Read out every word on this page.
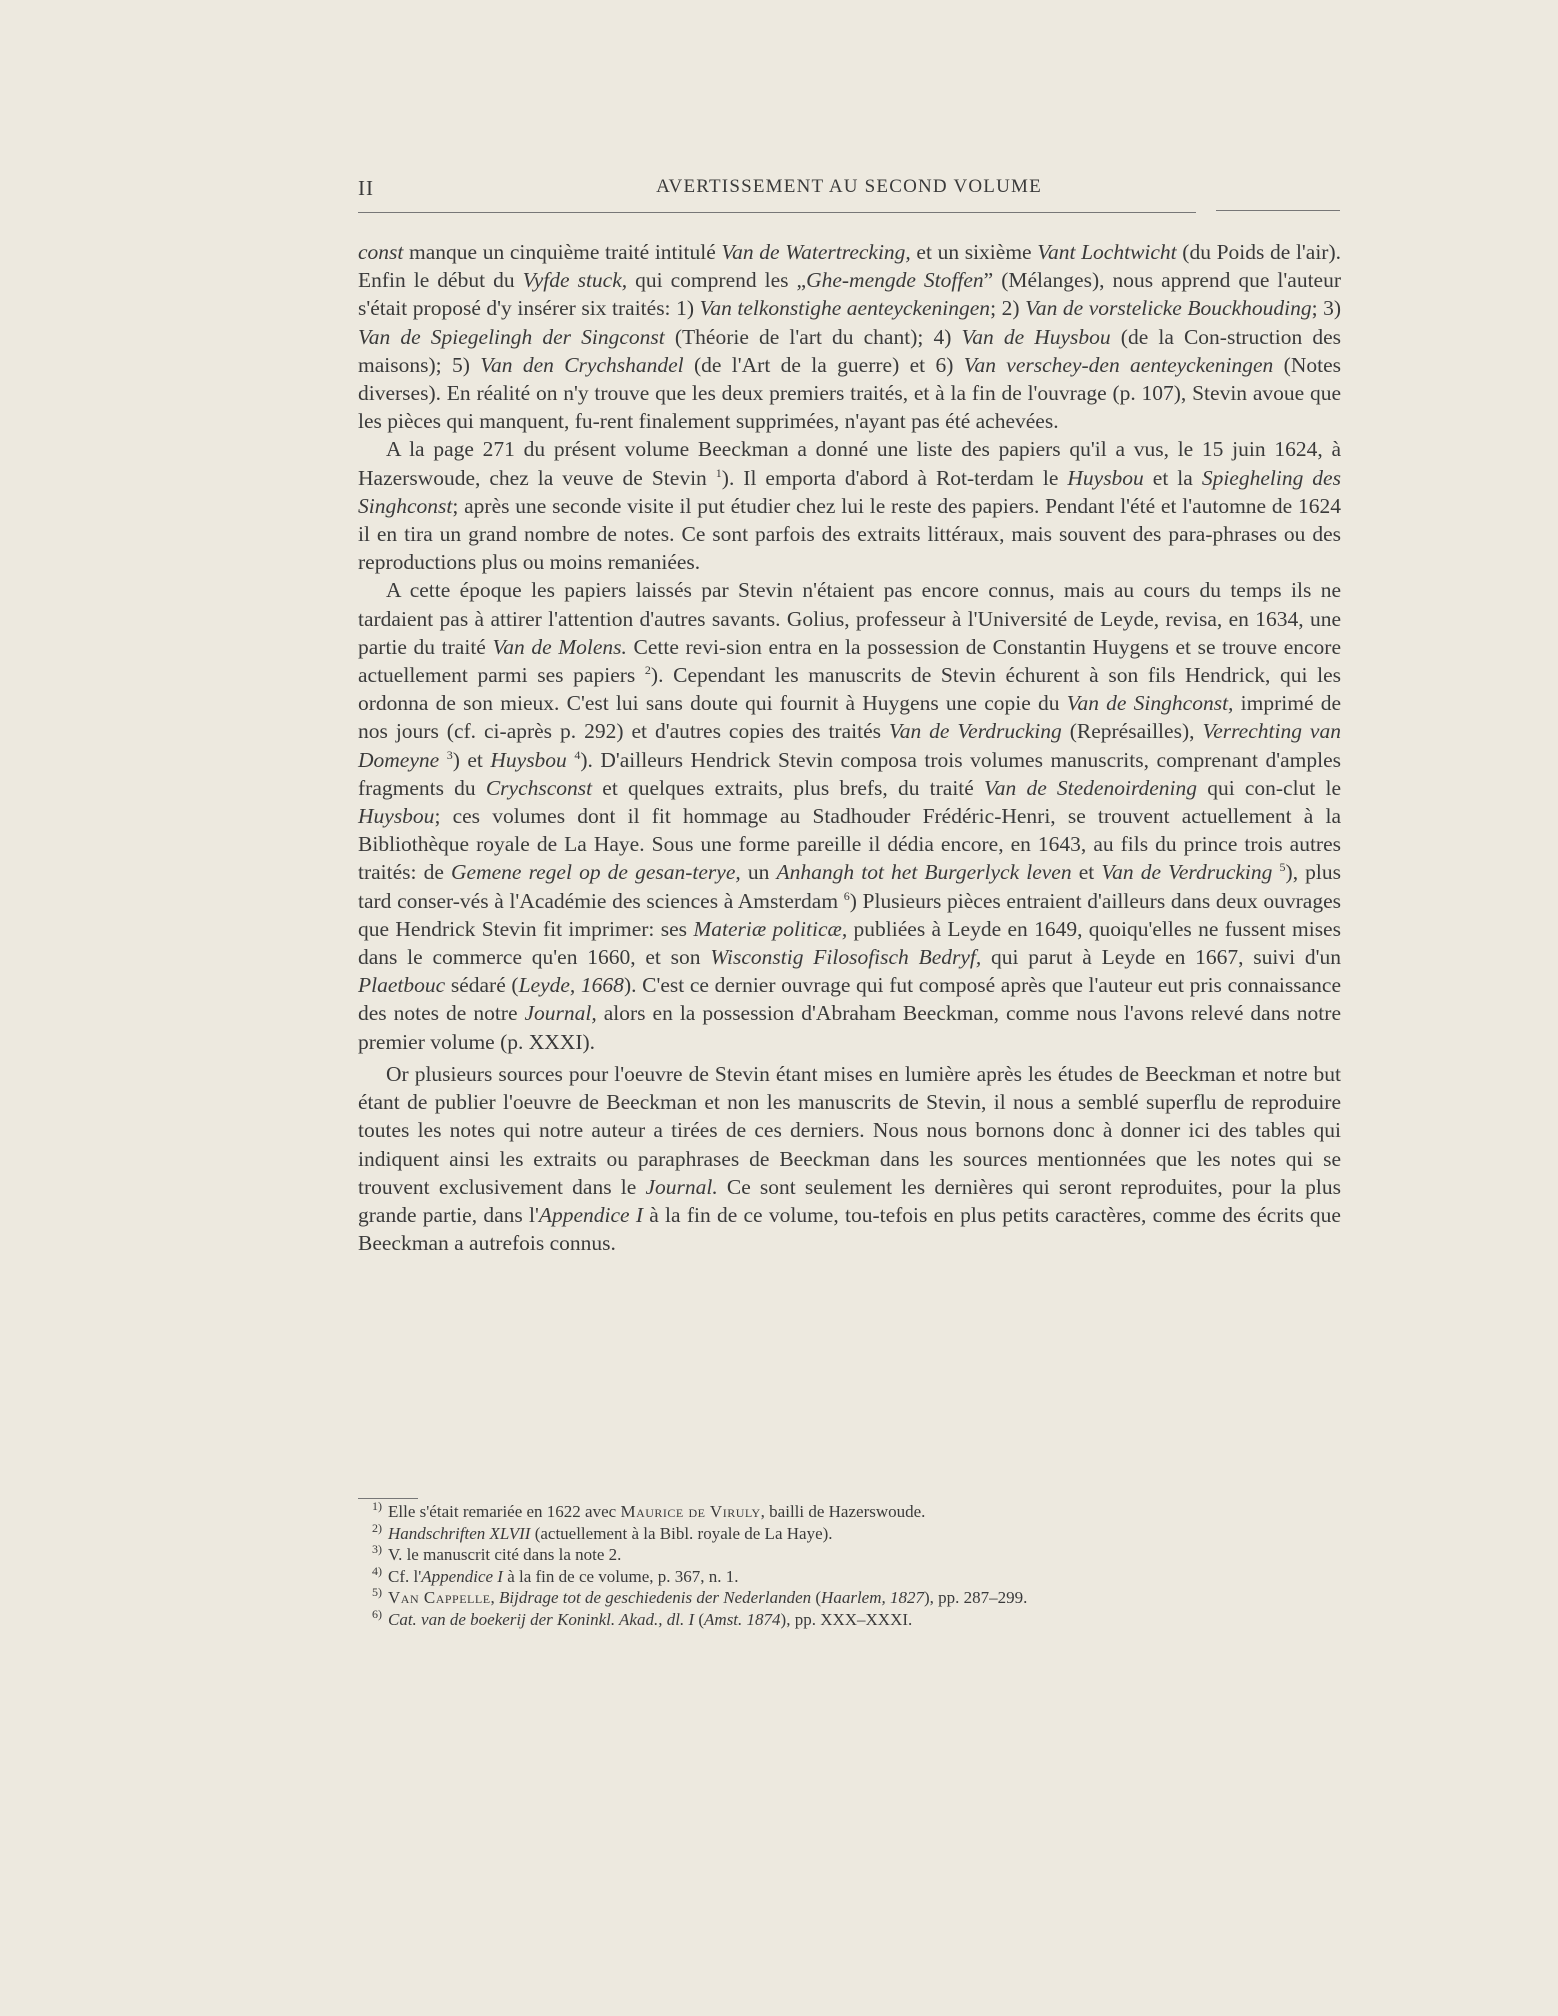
II	AVERTISSEMENT AU SECOND VOLUME

const manque un cinquième traité intitulé Van de Watertrecking, et un sixième Vant Lochtwicht (du Poids de l'air). Enfin le début du Vyfde stuck, qui comprend les „Ghe-mengde Stoffen” (Mélanges), nous apprend que l'auteur s'était proposé d'y insérer six traités: 1) Van telkonstighe aenteyckeningen; 2) Van de vorstelicke Bouckhouding; 3) Van de Spiegelingh der Singconst (Théorie de l'art du chant); 4) Van de Huysbou (de la Con-struction des maisons); 5) Van den Crychshandel (de l'Art de la guerre) et 6) Van verschey-den aenteyckeningen (Notes diverses). En réalité on n'y trouve que les deux premiers traités, et à la fin de l'ouvrage (p. 107), Stevin avoue que les pièces qui manquent, fu-rent finalement supprimées, n'ayant pas été achevées.

A la page 271 du présent volume Beeckman a donné une liste des papiers qu'il a vus, le 15 juin 1624, à Hazerswoude, chez la veuve de Stevin $^1$). Il emporta d'abord à Rot-terdam le Huysbou et la Spiegheling des Singhconst; après une seconde visite il put étudier chez lui le reste des papiers. Pendant l'été et l'automne de 1624 il en tira un grand nombre de notes. Ce sont parfois des extraits littéraux, mais souvent des para-phrases ou des reproductions plus ou moins remaniées.

A cette époque les papiers laissés par Stevin n'étaient pas encore connus, mais au cours du temps ils ne tardaient pas à attirer l'attention d'autres savants. Golius, professeur à l'Université de Leyde, revisa, en 1634, une partie du traité Van de Molens. Cette revi-sion entra en la possession de Constantin Huygens et se trouve encore actuellement parmi ses papiers $^2$). Cependant les manuscrits de Stevin échurent à son fils Hendrick, qui les ordonna de son mieux. C'est lui sans doute qui fournit à Huygens une copie du Van de Singhconst, imprimé de nos jours (cf. ci-après p. 292) et d'autres copies des traités Van de Verdrucking (Représailles), Verrechting van Domeyne $^3$) et Huysbou $^4$). D'ailleurs Hendrick Stevin composa trois volumes manuscrits, comprenant d'amples fragments du Crychsconst et quelques extraits, plus brefs, du traité Van de Stedenoirdening qui con-clut le Huysbou; ces volumes dont il fit hommage au Stadhouder Frédéric-Henri, se trouvent actuellement à la Bibliothèque royale de La Haye. Sous une forme pareille il dédia encore, en 1643, au fils du prince trois autres traités: de Gemene regel op de gesan-terye, un Anhangh tot het Burgerlyck leven et Van de Verdrucking $^5$), plus tard conser-vés à l'Académie des sciences à Amsterdam $^6$) Plusieurs pièces entraient d'ailleurs dans deux ouvrages que Hendrick Stevin fit imprimer: ses Materiæ politicæ, publiées à Leyde en 1649, quoiqu'elles ne fussent mises dans le commerce qu'en 1660, et son Wisconstig Filosofisch Bedryf, qui parut à Leyde en 1667, suivi d'un Plaetbouc sédaré (Leyde, 1668). C'est ce dernier ouvrage qui fut composé après que l'auteur eut pris connaissance des notes de notre Journal, alors en la possession d'Abraham Beeckman, comme nous l'avons relevé dans notre premier volume (p. XXXI).

Or plusieurs sources pour l'oeuvre de Stevin étant mises en lumière après les études de Beeckman et notre but étant de publier l'oeuvre de Beeckman et non les manuscrits de Stevin, il nous a semblé superflu de reproduire toutes les notes qui notre auteur a tirées de ces derniers. Nous nous bornons donc à donner ici des tables qui indiquent ainsi les extraits ou paraphrases de Beeckman dans les sources mentionnées que les notes qui se trouvent exclusivement dans le Journal. Ce sont seulement les dernières qui seront reproduites, pour la plus grande partie, dans l'Appendice I à la fin de ce volume, tou-tefois en plus petits caractères, comme des écrits que Beeckman a autrefois connus.

$^{1)}$ Elle s'était remariée en 1622 avec Maurice de Viruly, bailli de Hazerswoude.
$^{2)}$ Handschriften XLVII (actuellement à la Bibl. royale de La Haye).
$^{3)}$ V. le manuscrit cité dans la note 2.
$^{4)}$ Cf. l'Appendice I à la fin de ce volume, p. 367, n. 1.
$^{5)}$ Van Cappelle, Bijdrage tot de geschiedenis der Nederlanden (Haarlem, 1827), pp. 287–299.
$^{6)}$ Cat. van de boekerij der Koninkl. Akad., dl. I (Amst. 1874), pp. XXX–XXXI.
